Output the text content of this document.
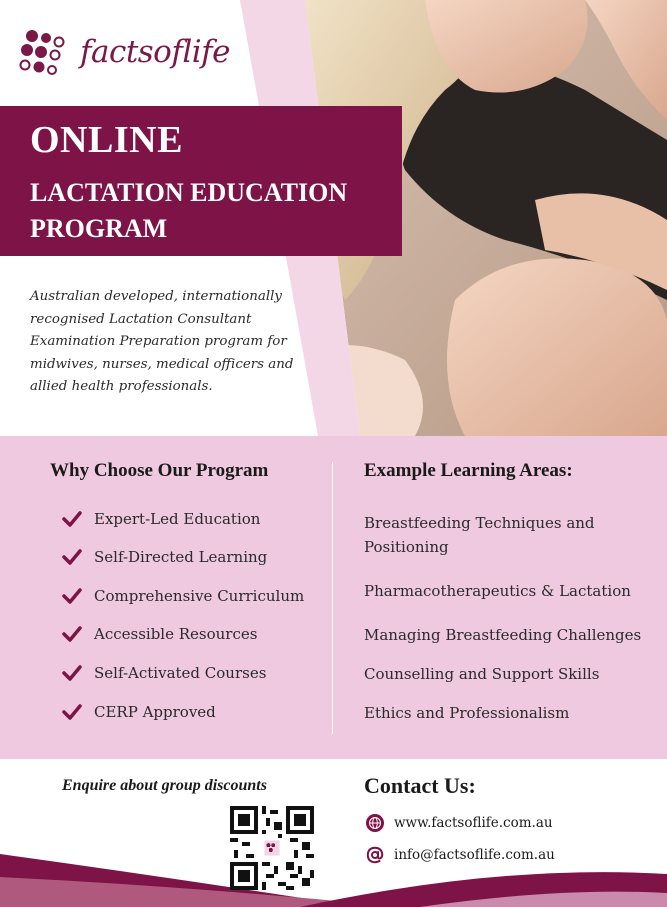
factsoflife
ONLINE
LACTATION EDUCATION PROGRAM

Australian developed, internationally recognised Lactation Consultant Examination Preparation program for midwives, nurses, medical officers and allied health professionals.

Why Choose Our Program	Example Learning Areas:
Expert-Led Education
Self-Directed Learning
Comprehensive Curriculum
Accessible Resources
Self-Activated Courses
CERP Approved
Breastfeeding Techniques and Positioning
Pharmacotherapeutics & Lactation
Managing Breastfeeding Challenges
Counselling and Support Skills
Ethics and Professionalism
Enquire about group discounts	Contact Us:
www.factsoflife.com.au
info@factsoflife.com.au
